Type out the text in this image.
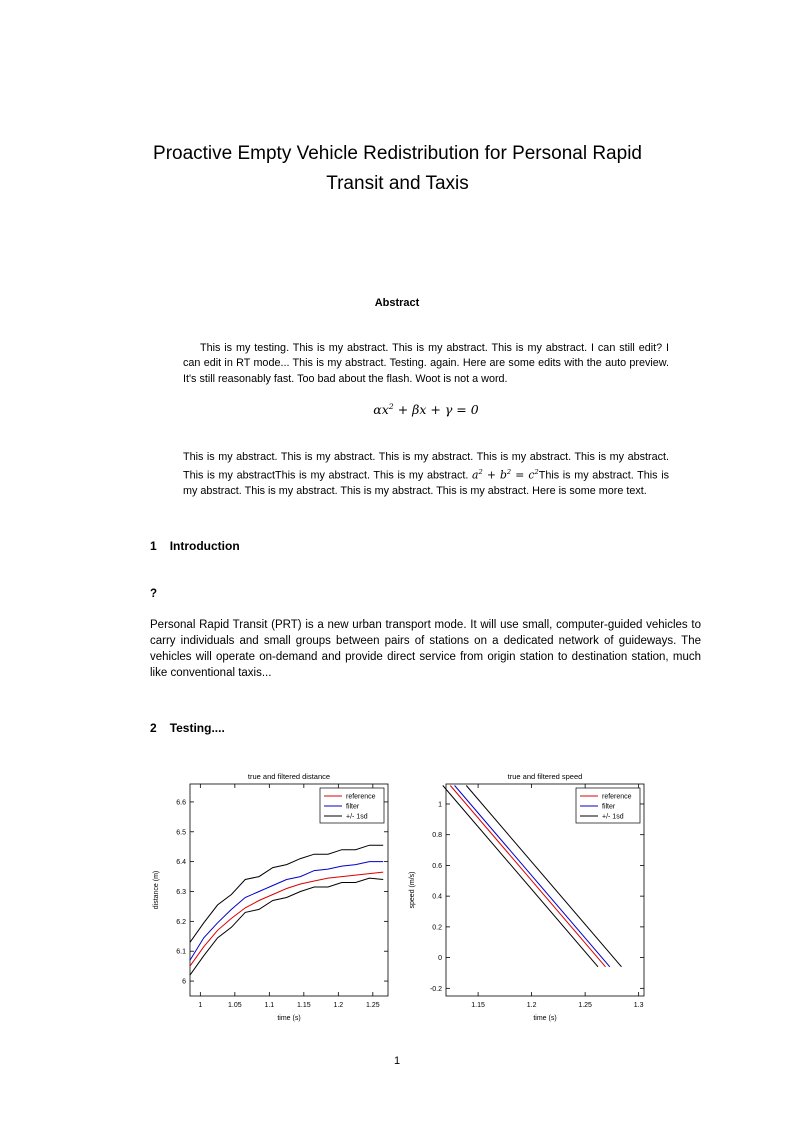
Proactive Empty Vehicle Redistribution for Personal Rapid Transit and Taxis
Abstract

This is my testing. This is my abstract. This is my abstract. This is my abstract. I can still edit? I can edit in RT mode... This is my abstract. Testing. again. Here are some edits with the auto preview. It's still reasonably fast. Too bad about the flash. Woot is not a word.

$\alpha x^2 + \beta x + \gamma = 0$

This is my abstract. This is my abstract. This is my abstract. This is my abstract. This is my abstract. This is my abstractThis is my abstract. This is my abstract. $a^2 + b^2$ = $c^2This$ is my abstract. This is my abstract. This is my abstract. This is my abstract. This is my abstract. Here is some more text.

1 Introduction

?

Personal Rapid Transit (PRT) is a new urban transport mode. It will use small, computer-guided vehicles to carry individuals and small groups between pairs of stations on a dedicated network of guideways. The vehicles will operate on-demand and provide direct service from origin station to destination station, much like conventional taxis...

2 Testing....
1	1.05	1.1	1.15	1.2	1.25
6
6.1
6.2
6.3
6.4
6.5
6.6
true and filtered distance
time (s)
distance (m)
reference
filter
+/- 1sd
1.15	1.2	1.25	1.3
-0.2
0
0.2
0.4
0.6
0.8
1
true and filtered speed
time (s)
speed (m/s)
reference
filter
+/- 1sd
1
